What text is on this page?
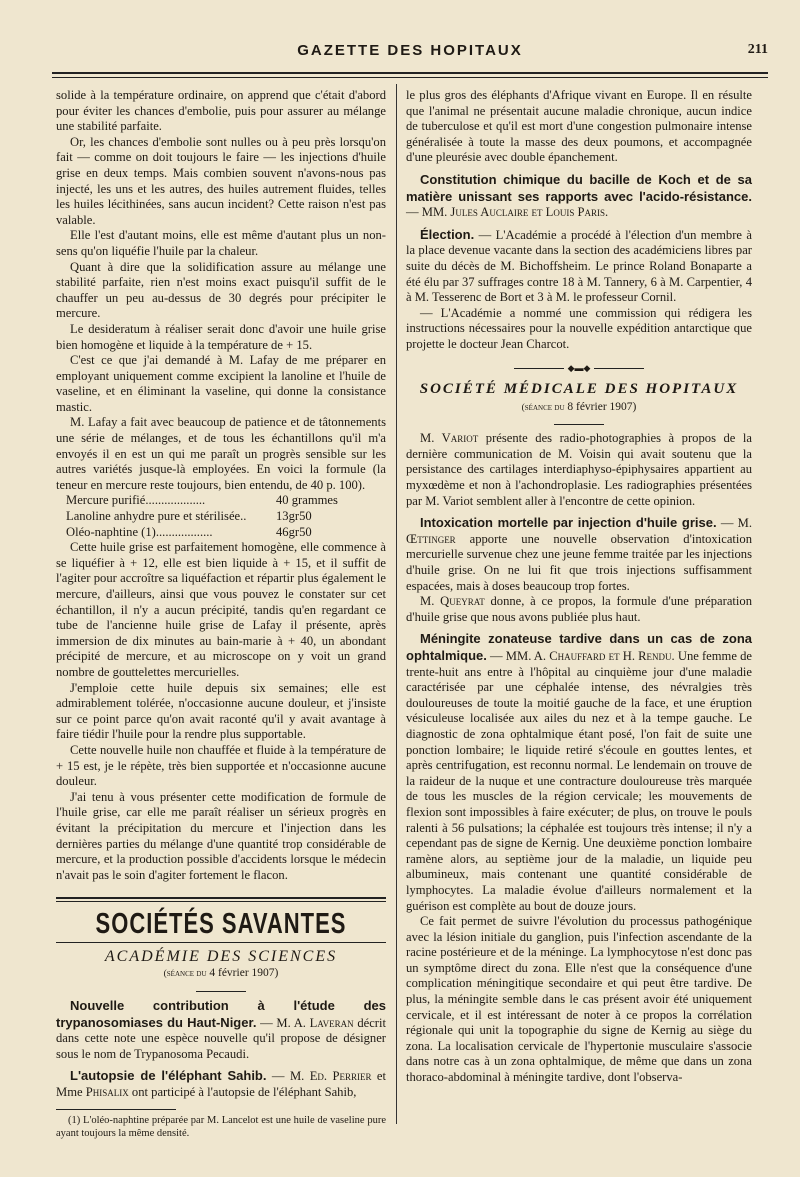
GAZETTE DES HOPITAUX	211

solide à la température ordinaire, on apprend que c'était d'abord pour éviter les chances d'embolie, puis pour assurer au mélange une stabilité parfaite.

Or, les chances d'embolie sont nulles ou à peu près lorsqu'on fait — comme on doit toujours le faire — les injections d'huile grise en deux temps. Mais combien souvent n'avons-nous pas injecté, les uns et les autres, des huiles autrement fluides, telles les huiles lécithinées, sans aucun incident? Cette raison n'est pas valable.

Elle l'est d'autant moins, elle est même d'autant plus un non-sens qu'on liquéfie l'huile par la chaleur.

Quant à dire que la solidification assure au mélange une stabilité parfaite, rien n'est moins exact puisqu'il suffit de le chauffer un peu au-dessus de 30 degrés pour précipiter le mercure.

Le desideratum à réaliser serait donc d'avoir une huile grise bien homogène et liquide à la température de + 15.

C'est ce que j'ai demandé à M. Lafay de me préparer en employant uniquement comme excipient la lanoline et l'huile de vaseline, et en éliminant la vaseline, qui donne la consistance mastic.

M. Lafay a fait avec beaucoup de patience et de tâtonnements une série de mélanges, et de tous les échantillons qu'il m'a envoyés il en est un qui me paraît un progrès sensible sur les autres variétés jusque-là employées. En voici la formule (la teneur en mercure reste toujours, bien entendu, de 40 p. 100).

Mercure purifié...................	40 grammes
Lanoline anhydre pure et stérilisée..	13gr50
Oléo-naphtine (1)..................	46gr50

Cette huile grise est parfaitement homogène, elle commence à se liquéfier à + 12, elle est bien liquide à + 15, et il suffit de l'agiter pour accroître sa liquéfaction et répartir plus également le mercure, d'ailleurs, ainsi que vous pouvez le constater sur cet échantillon, il n'y a aucun précipité, tandis qu'en regardant ce tube de l'ancienne huile grise de Lafay il présente, après immersion de dix minutes au bain-marie à + 40, un abondant précipité de mercure, et au microscope on y voit un grand nombre de gouttelettes mercurielles.

J'emploie cette huile depuis six semaines; elle est admirablement tolérée, n'occasionne aucune douleur, et j'insiste sur ce point parce qu'on avait raconté qu'il y avait avantage à faire tiédir l'huile pour la rendre plus supportable.

Cette nouvelle huile non chauffée et fluide à la température de + 15 est, je le répète, très bien supportée et n'occasionne aucune douleur.

J'ai tenu à vous présenter cette modification de formule de l'huile grise, car elle me paraît réaliser un sérieux progrès en évitant la précipitation du mercure et l'injection dans les dernières parties du mélange d'une quantité trop considérable de mercure, et la production possible d'accidents lorsque le médecin n'avait pas le soin d'agiter fortement le flacon.

SOCIÉTÉS SAVANTES
ACADÉMIE DES SCIENCES
(séance du 4 février 1907)

Nouvelle contribution à l'étude des trypanosomiases du Haut-Niger. — M. A. Laveran décrit dans cette note une espèce nouvelle qu'il propose de désigner sous le nom de Trypanosoma Pecaudi.

L'autopsie de l'éléphant Sahib. — M. Ed. Perrier et Mme Phisalix ont participé à l'autopsie de l'éléphant Sahib,

(1) L'oléo-naphtine préparée par M. Lancelot est une huile de vaseline pure ayant toujours la même densité.

le plus gros des éléphants d'Afrique vivant en Europe. Il en résulte que l'animal ne présentait aucune maladie chronique, aucun indice de tuberculose et qu'il est mort d'une congestion pulmonaire intense généralisée à toute la masse des deux poumons, et accompagnée d'une pleurésie avec double épanchement.

Constitution chimique du bacille de Koch et de sa matière unissant ses rapports avec l'acido-résistance. — MM. Jules Auclaire et Louis Paris.

Élection. — L'Académie a procédé à l'élection d'un membre à la place devenue vacante dans la section des académiciens libres par suite du décès de M. Bichoffsheim. Le prince Roland Bonaparte a été élu par 37 suffrages contre 18 à M. Tannery, 6 à M. Carpentier, 4 à M. Tesserenc de Bort et 3 à M. le professeur Cornil.

— L'Académie a nommé une commission qui rédigera les instructions nécessaires pour la nouvelle expédition antarctique que projette le docteur Jean Charcot.

◆▬◆
SOCIÉTÉ MÉDICALE DES HOPITAUX
(séance du 8 février 1907)

M. Variot présente des radio-photographies à propos de la dernière communication de M. Voisin qui avait soutenu que la persistance des cartilages interdiaphyso-épiphysaires appartient au myxœdème et non à l'achondroplasie. Les radiographies présentées par M. Variot semblent aller à l'encontre de cette opinion.

Intoxication mortelle par injection d'huile grise. — M. Œttinger apporte une nouvelle observation d'intoxication mercurielle survenue chez une jeune femme traitée par les injections d'huile grise. On ne lui fit que trois injections suffisamment espacées, mais à doses beaucoup trop fortes.

M. Queyrat donne, à ce propos, la formule d'une préparation d'huile grise que nous avons publiée plus haut.

Méningite zonateuse tardive dans un cas de zona ophtalmique. — MM. A. Chauffard et H. Rendu. Une femme de trente-huit ans entre à l'hôpital au cinquième jour d'une maladie caractérisée par une céphalée intense, des névralgies très douloureuses de toute la moitié gauche de la face, et une éruption vésiculeuse localisée aux ailes du nez et à la tempe gauche. Le diagnostic de zona ophtalmique étant posé, l'on fait de suite une ponction lombaire; le liquide retiré s'écoule en gouttes lentes, et après centrifugation, est reconnu normal. Le lendemain on trouve de la raideur de la nuque et une contracture douloureuse très marquée de tous les muscles de la région cervicale; les mouvements de flexion sont impossibles à faire exécuter; de plus, on trouve le pouls ralenti à 56 pulsations; la céphalée est toujours très intense; il n'y a cependant pas de signe de Kernig. Une deuxième ponction lombaire ramène alors, au septième jour de la maladie, un liquide peu albumineux, mais contenant une quantité considérable de lymphocytes. La maladie évolue d'ailleurs normalement et la guérison est complète au bout de douze jours.

Ce fait permet de suivre l'évolution du processus pathogénique avec la lésion initiale du ganglion, puis l'infection ascendante de la racine postérieure et de la méninge. La lymphocytose n'est donc pas un symptôme direct du zona. Elle n'est que la conséquence d'une complication méningitique secondaire et qui peut être tardive. De plus, la méningite semble dans le cas présent avoir été uniquement cervicale, et il est intéressant de noter à ce propos la corrélation régionale qui unit la topographie du signe de Kernig au siège du zona. La localisation cervicale de l'hypertonie musculaire s'associe dans notre cas à un zona ophtalmique, de même que dans un zona thoraco-abdominal à méningite tardive, dont l'observa-
